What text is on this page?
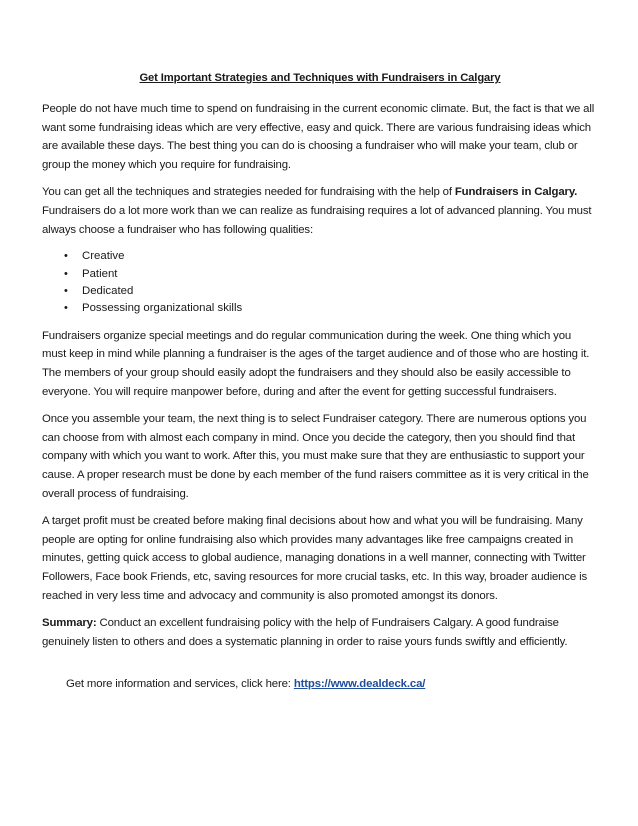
Get Important Strategies and Techniques with Fundraisers in Calgary

People do not have much time to spend on fundraising in the current economic climate. But, the fact is that we all want some fundraising ideas which are very effective, easy and quick. There are various fundraising ideas which are available these days. The best thing you can do is choosing a fundraiser who will make your team, club or group the money which you require for fundraising.

You can get all the techniques and strategies needed for fundraising with the help of Fundraisers in Calgary. Fundraisers do a lot more work than we can realize as fundraising requires a lot of advanced planning. You must always choose a fundraiser who has following qualities:

• Creative
• Patient
• Dedicated
• Possessing organizational skills

Fundraisers organize special meetings and do regular communication during the week. One thing which you must keep in mind while planning a fundraiser is the ages of the target audience and of those who are hosting it. The members of your group should easily adopt the fundraisers and they should also be easily accessible to everyone. You will require manpower before, during and after the event for getting successful fundraisers.

Once you assemble your team, the next thing is to select Fundraiser category. There are numerous options you can choose from with almost each company in mind. Once you decide the category, then you should find that company with which you want to work. After this, you must make sure that they are enthusiastic to support your cause. A proper research must be done by each member of the fund raisers committee as it is very critical in the overall process of fundraising.

A target profit must be created before making final decisions about how and what you will be fundraising. Many people are opting for online fundraising also which provides many advantages like free campaigns created in minutes, getting quick access to global audience, managing donations in a well manner, connecting with Twitter Followers, Face book Friends, etc, saving resources for more crucial tasks, etc. In this way, broader audience is reached in very less time and advocacy and community is also promoted amongst its donors.

Summary: Conduct an excellent fundraising policy with the help of Fundraisers Calgary. A good fundraise genuinely listen to others and does a systematic planning in order to raise yours funds swiftly and efficiently.

Get more information and services, click here: https://www.dealdeck.ca/
